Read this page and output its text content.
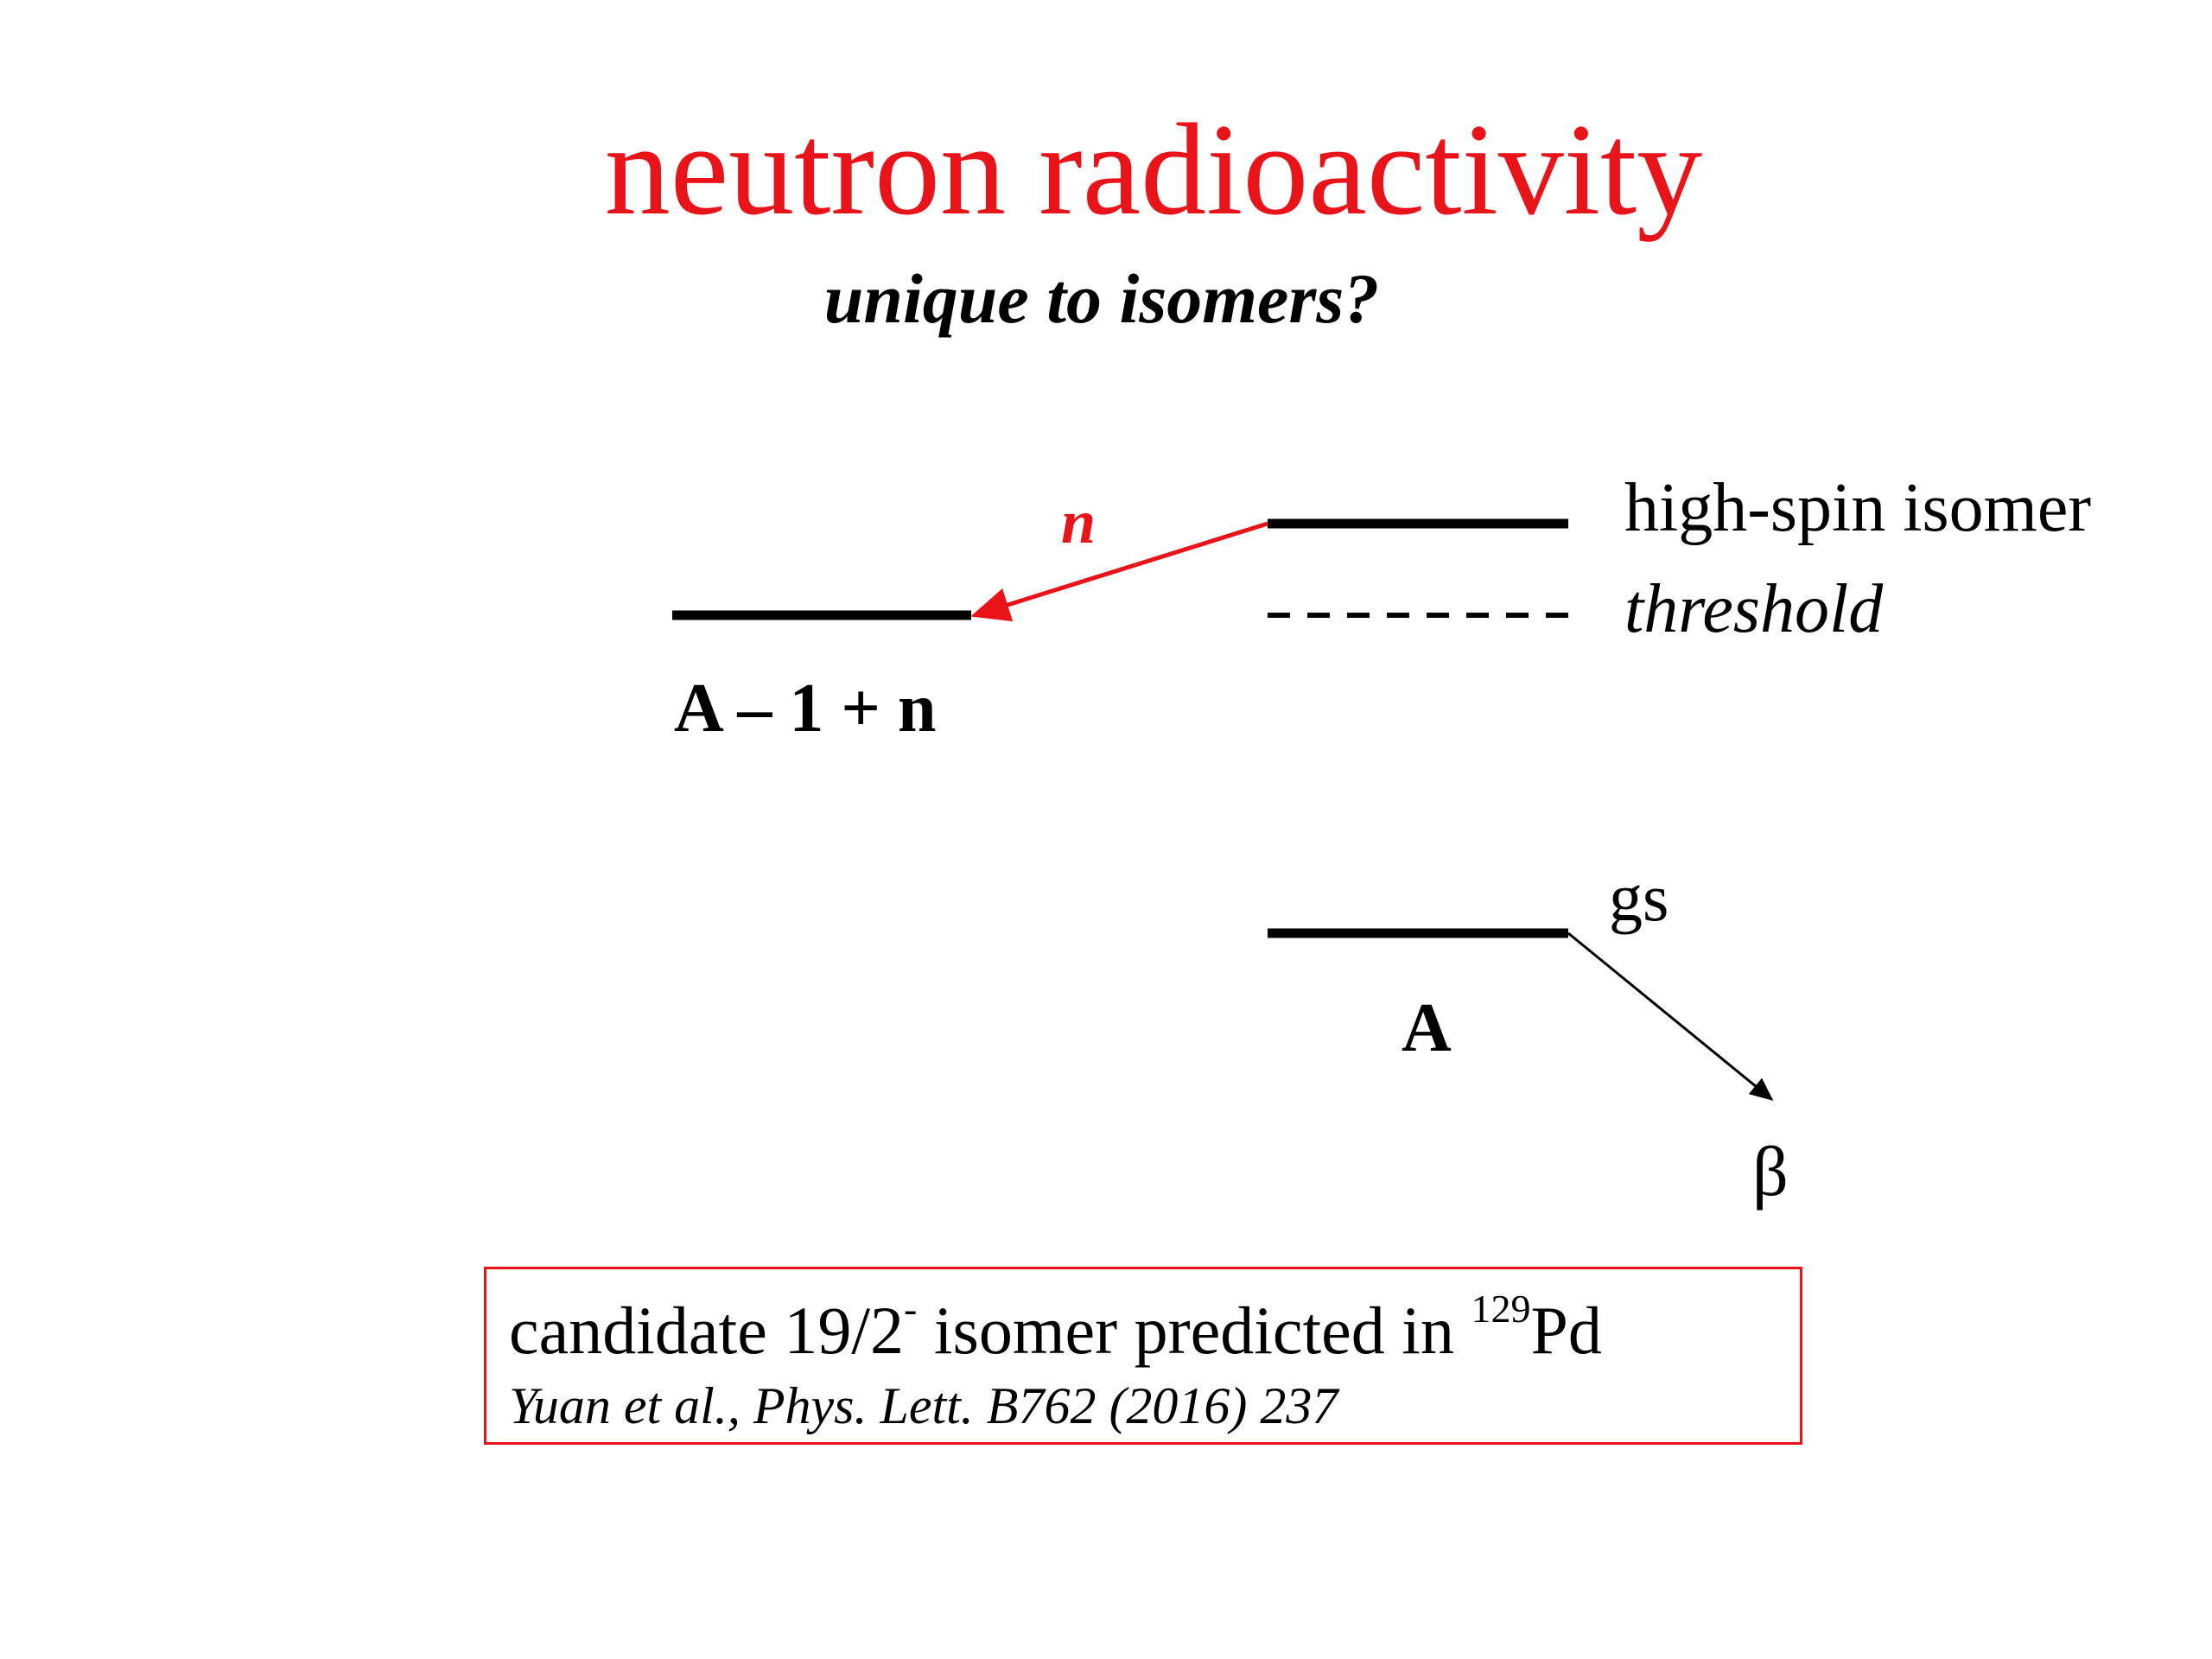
neutron radioactivity
unique to isomers?
high-spin isomer
threshold
n
A – 1 + n
gs
A
β
candidate 19/2- isomer predicted in $^{129}$Pd
Yuan et al., Phys. Lett. B762 (2016) 237
